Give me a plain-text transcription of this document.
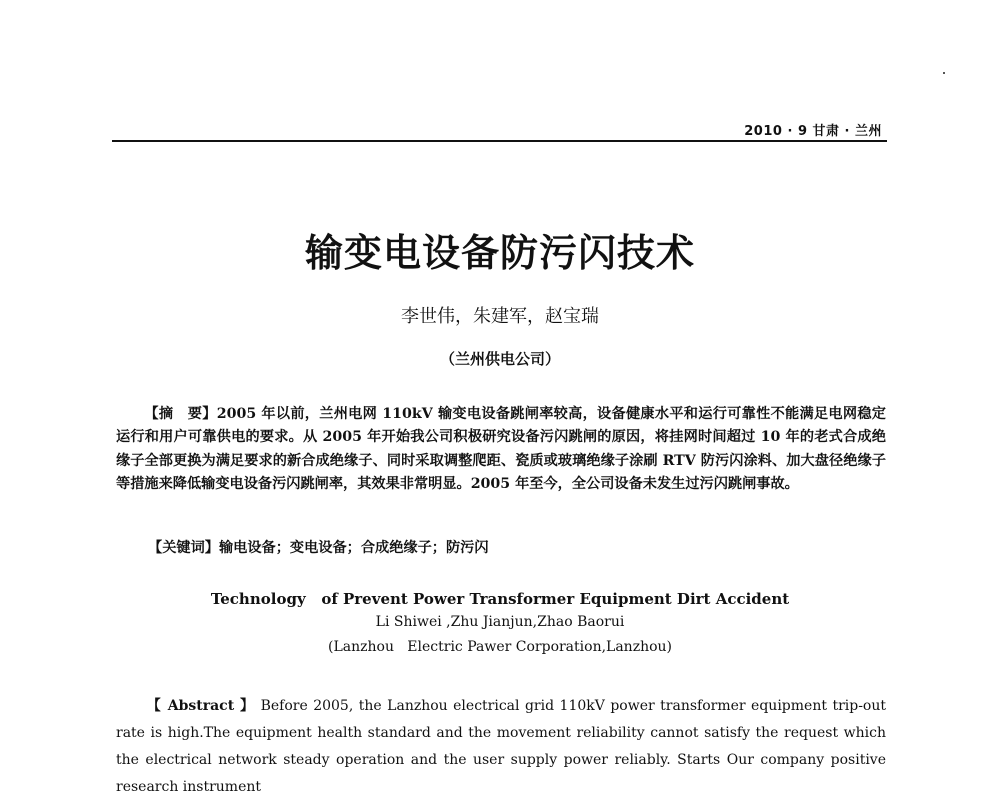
2010 · 9 甘肃 · 兰州
输变电设备防污闪技术
李世伟，朱建军，赵宝瑞
（兰州供电公司）
【摘　要】2005 年以前，兰州电网 110kV 输变电设备跳闸率较高，设备健康水平和运行可靠性不能满足电网稳定运行和用户可靠供电的要求。从 2005 年开始我公司积极研究设备污闪跳闸的原因，将挂网时间超过 10 年的老式合成绝缘子全部更换为满足要求的新合成绝缘子、同时采取调整爬距、瓷质或玻璃绝缘子涂刷 RTV 防污闪涂料、加大盘径绝缘子等措施来降低输变电设备污闪跳闸率，其效果非常明显。2005 年至今，全公司设备未发生过污闪跳闸事故。
【关键词】输电设备；变电设备；合成绝缘子；防污闪
Technology   of Prevent Power Transformer Equipment Dirt Accident
Li Shiwei ,Zhu Jianjun,Zhao Baorui
(Lanzhou   Electric Pawer Corporation,Lanzhou)
【 Abstract 】 Before 2005, the Lanzhou electrical grid 110kV power transformer equipment trip-out rate is high.The equipment health standard and the movement reliability cannot satisfy the request which the electrical network steady operation and the user supply power reliably. Starts Our company positive research instrument
